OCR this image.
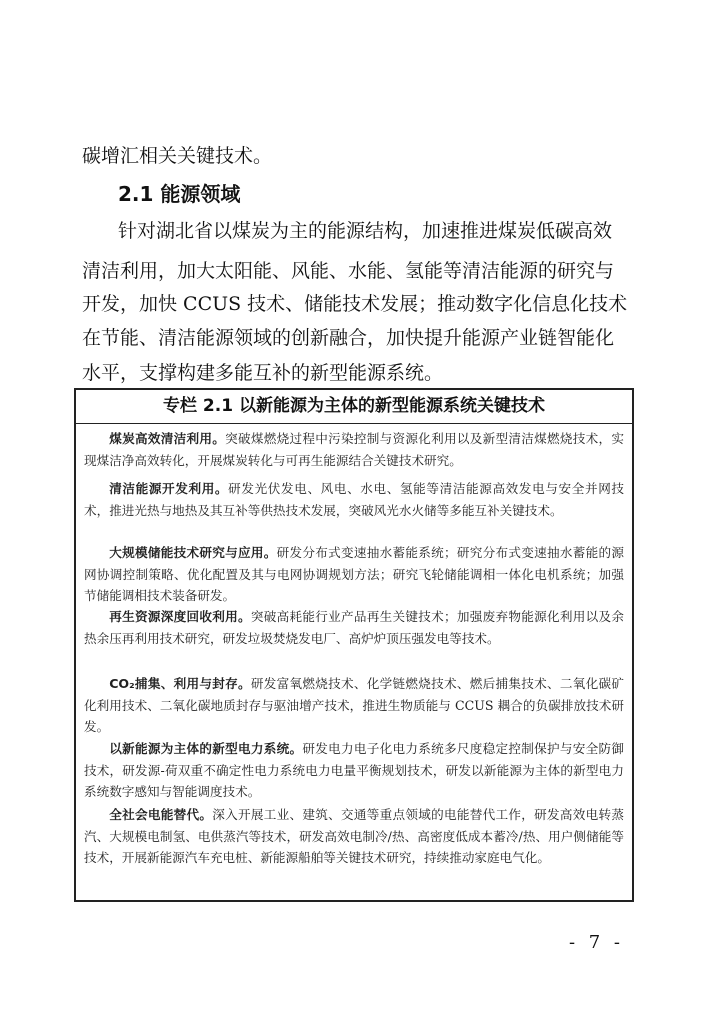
碳增汇相关关键技术。
2.1 能源领域
针对湖北省以煤炭为主的能源结构，加速推进煤炭低碳高效
清洁利用，加大太阳能、风能、水能、氢能等清洁能源的研究与
开发，加快 CCUS 技术、储能技术发展；推动数字化信息化技术
在节能、清洁能源领域的创新融合，加快提升能源产业链智能化
水平，支撑构建多能互补的新型能源系统。
专栏 2.1 以新能源为主体的新型能源系统关键技术
煤炭高效清洁利用。突破煤燃烧过程中污染控制与资源化利用以及新型清洁煤燃烧技术，实现煤洁净高效转化，开展煤炭转化与可再生能源结合关键技术研究。
清洁能源开发利用。研发光伏发电、风电、水电、氢能等清洁能源高效发电与安全并网技术，推进光热与地热及其互补等供热技术发展，突破风光水火储等多能互补关键技术。
大规模储能技术研究与应用。研发分布式变速抽水蓄能系统；研究分布式变速抽水蓄能的源网协调控制策略、优化配置及其与电网协调规划方法；研究飞轮储能调相一体化电机系统；加强节储能调相技术装备研发。
再生资源深度回收利用。突破高耗能行业产品再生关键技术；加强废弃物能源化利用以及余热余压再利用技术研究，研发垃圾焚烧发电厂、高炉炉顶压强发电等技术。
CO₂捕集、利用与封存。研发富氧燃烧技术、化学链燃烧技术、燃后捕集技术、二氧化碳矿化利用技术、二氧化碳地质封存与驱油增产技术，推进生物质能与 CCUS 耦合的负碳排放技术研发。
以新能源为主体的新型电力系统。研发电力电子化电力系统多尺度稳定控制保护与安全防御技术，研发源-荷双重不确定性电力系统电力电量平衡规划技术，研发以新能源为主体的新型电力系统数字感知与智能调度技术。
全社会电能替代。深入开展工业、建筑、交通等重点领域的电能替代工作，研发高效电转蒸汽、大规模电制氢、电供蒸汽等技术，研发高效电制冷/热、高密度低成本蓄冷/热、用户侧储能等技术，开展新能源汽车充电桩、新能源船舶等关键技术研究，持续推动家庭电气化。
- 7 -
